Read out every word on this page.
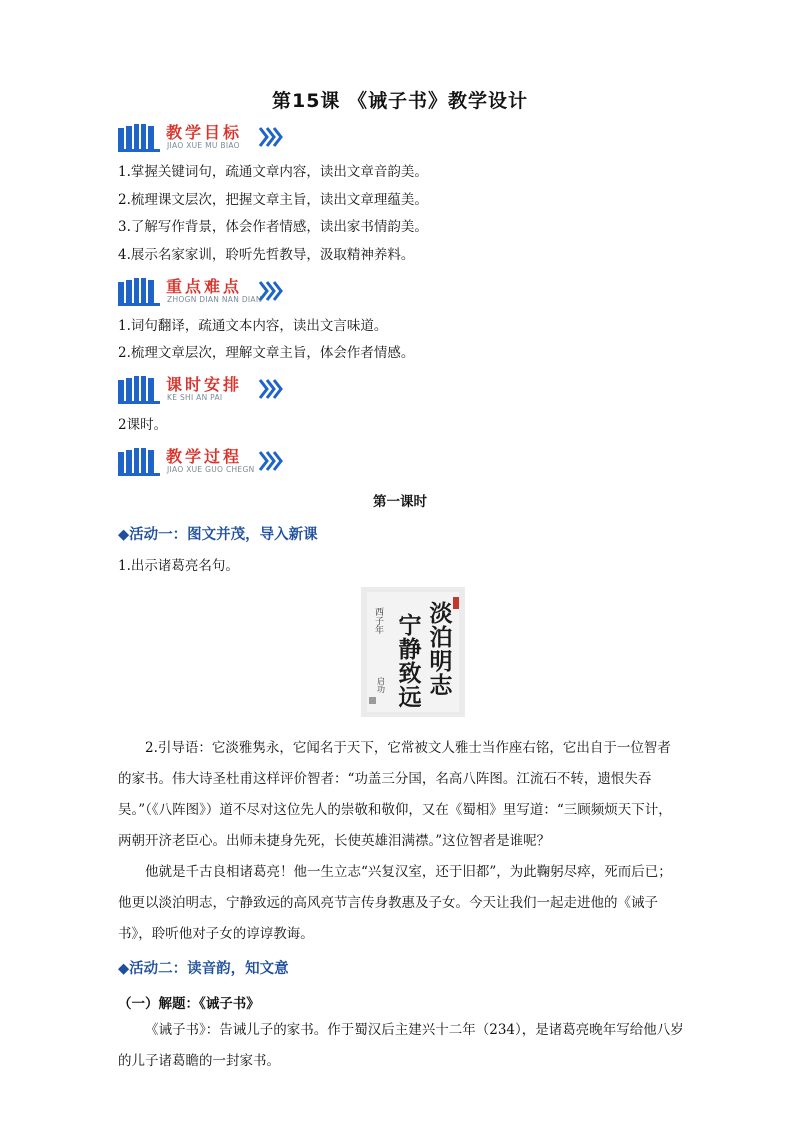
第15课 《诫子书》教学设计
教学目标
JIAO XUE MU BIAO
1.掌握关键词句，疏通文章内容，读出文章音韵美。
2.梳理课文层次，把握文章主旨，读出文章理蕴美。
3.了解写作背景，体会作者情感，读出家书情韵美。
4.展示名家家训，聆听先哲教导，汲取精神养料。
重点难点
ZHOGN DIAN NAN DIAN
1.词句翻译，疏通文本内容，读出文言味道。
2.梳理文章层次，理解文章主旨，体会作者情感。
课时安排
KE SHI AN PAI
2课时。
教学过程
JIAO XUE GUO CHEGN
第一课时
◆活动一：图文并茂，导入新课
1.出示诸葛亮名句。
淡泊明志
宁静致远
西子年
启功
2.引导语：它淡雅隽永，它闻名于天下，它常被文人雅士当作座右铭，它出自于一位智者的家书。伟大诗圣杜甫这样评价智者：“功盖三分国，名高八阵图。江流石不转，遗恨失吞吴。”（《八阵图》）道不尽对这位先人的崇敬和敬仰，又在《蜀相》里写道：“三顾频烦天下计，两朝开济老臣心。出师未捷身先死，长使英雄泪满襟。”这位智者是谁呢？
他就是千古良相诸葛亮！他一生立志“兴复汉室，还于旧都”，为此鞠躬尽瘁，死而后已；他更以淡泊明志，宁静致远的高风亮节言传身教惠及子女。今天让我们一起走进他的《诫子书》，聆听他对子女的谆谆教诲。
◆活动二：读音韵，知文意
（一）解题：《诫子书》
《诫子书》：告诫儿子的家书。作于蜀汉后主建兴十二年（234），是诸葛亮晚年写给他八岁的儿子诸葛瞻的一封家书。
